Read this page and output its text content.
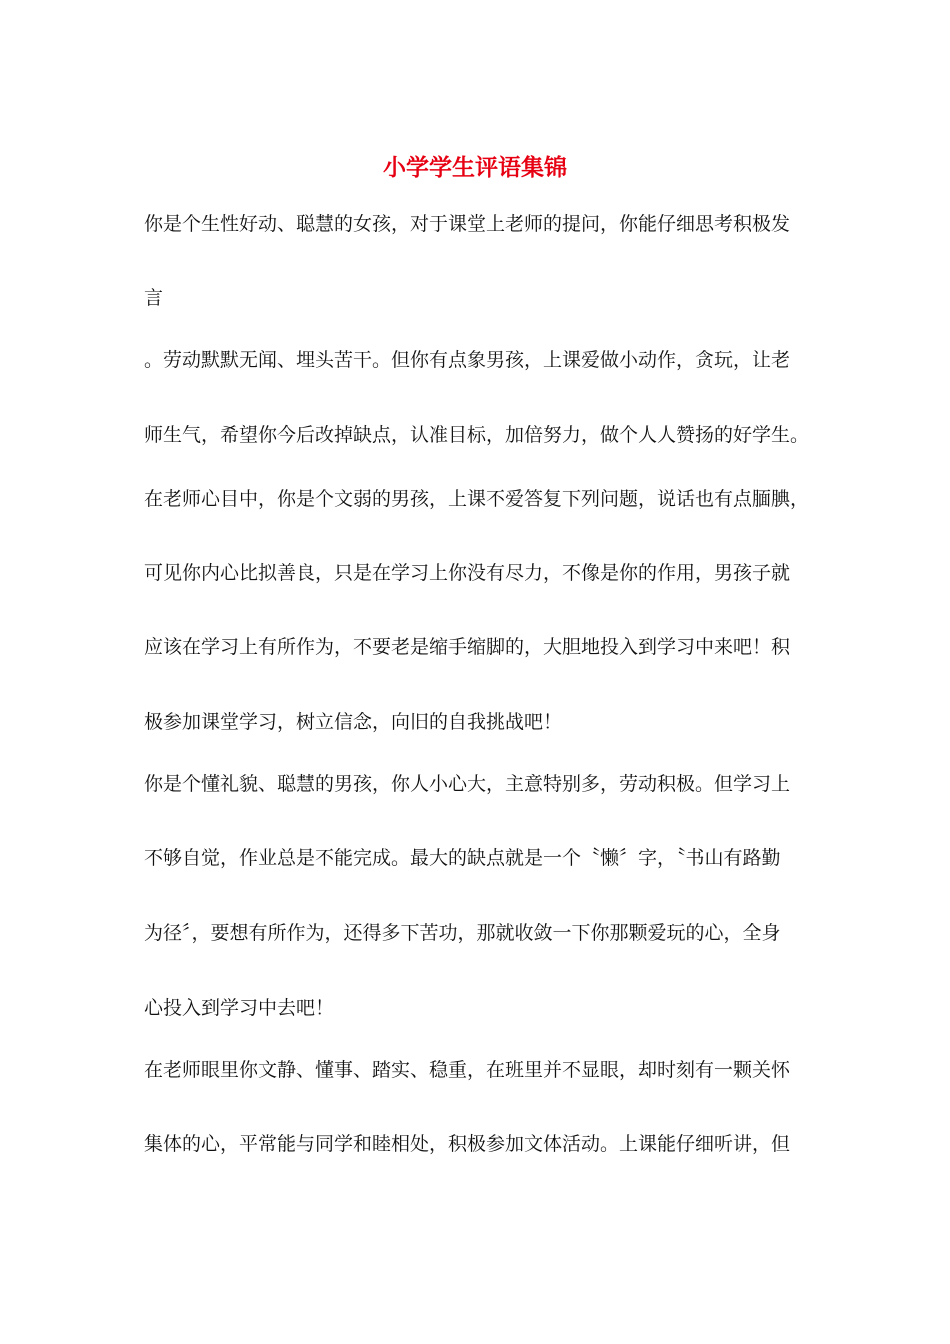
小学学生评语集锦
你是个生性好动、聪慧的女孩，对于课堂上老师的提问，你能仔细思考积极发
言
。劳动默默无闻、埋头苦干。但你有点象男孩，上课爱做小动作，贪玩，让老
师生气，希望你今后改掉缺点，认准目标，加倍努力，做个人人赞扬的好学生。
在老师心目中，你是个文弱的男孩，上课不爱答复下列问题，说话也有点腼腆，
可见你内心比拟善良，只是在学习上你没有尽力，不像是你的作用，男孩子就
应该在学习上有所作为，不要老是缩手缩脚的，大胆地投入到学习中来吧！积
极参加课堂学习，树立信念，向旧的自我挑战吧！
你是个懂礼貌、聪慧的男孩，你人小心大，主意特别多，劳动积极。但学习上
不够自觉，作业总是不能完成。最大的缺点就是一个〝懒〞字，〝书山有路勤
为径〞，要想有所作为，还得多下苦功，那就收敛一下你那颗爱玩的心，全身
心投入到学习中去吧！
在老师眼里你文静、懂事、踏实、稳重，在班里并不显眼，却时刻有一颗关怀
集体的心，平常能与同学和睦相处，积极参加文体活动。上课能仔细听讲，但
